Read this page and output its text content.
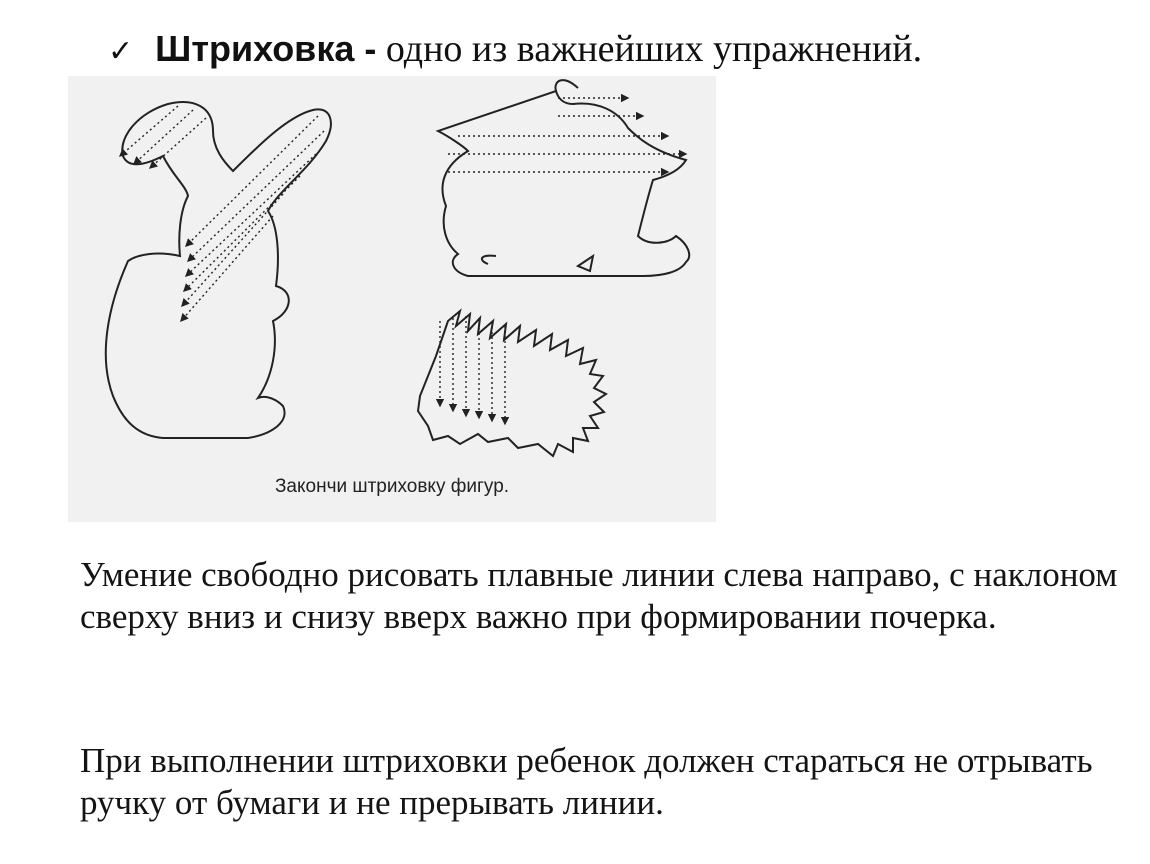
✓ Штриховка - одно из важнейших упражнений.
Закончи штриховку фигур.
Умение свободно рисовать плавные линии слева направо, с наклоном сверху вниз и снизу вверх важно при формировании почерка.
При выполнении штриховки ребенок должен стараться не отрывать ручку от бумаги и не прерывать линии.
